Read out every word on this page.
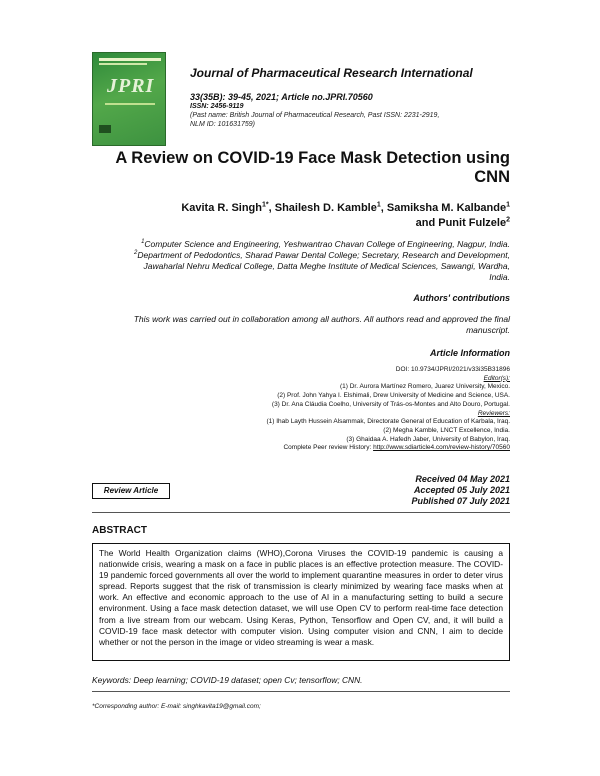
JPRI
Journal of Pharmaceutical Research International
33(35B): 39-45, 2021; Article no.JPRI.70560
ISSN: 2456-9119
(Past name: British Journal of Pharmaceutical Research, Past ISSN: 2231-2919,
NLM ID: 101631759)
A Review on COVID-19 Face Mask Detection using
CNN
Kavita R. Singh$^{1*}$, Shailesh D. Kamble$^1$, Samiksha M. Kalbande$^1$
and Punit Fulzele$^2$
$^1$Computer Science and Engineering, Yeshwantrao Chavan College of Engineering, Nagpur, India.
$^2$Department of Pedodontics, Sharad Pawar Dental College; Secretary, Research and Development,
Jawaharlal Nehru Medical College, Datta Meghe Institute of Medical Sciences, Sawangi, Wardha,
India.
Authors' contributions
This work was carried out in collaboration among all authors. All authors read and approved the final
manuscript.
Article Information
DOI: 10.9734/JPRI/2021/v33i35B31896
Editor(s):
(1) Dr. Aurora Martínez Romero, Juarez University, Mexico.
(2) Prof. John Yahya I. Elshimali, Drew University of Medicine and Science, USA.
(3) Dr. Ana Cláudia Coelho, University of Trás-os-Montes and Alto Douro, Portugal.
Reviewers:
(1) Ihab Layth Hussein Alsammak, Directorate General of Education of Karbala, Iraq.
(2) Megha Kamble, LNCT Excellence, India.
(3) Ghaidaa A. Hafedh Jaber, University of Babylon, Iraq.
Complete Peer review History: http://www.sdiarticle4.com/review-history/70560
Review Article
Received 04 May 2021
Accepted 05 July 2021
Published 07 July 2021
ABSTRACT
The World Health Organization claims (WHO),Corona Viruses the COVID-19 pandemic is causing a nationwide crisis, wearing a mask on a face in public places is an effective protection measure. The COVID-19 pandemic forced governments all over the world to implement quarantine measures in order to deter virus spread. Reports suggest that the risk of transmission is clearly minimized by wearing face masks when at work. An effective and economic approach to the use of AI in a manufacturing setting to build a secure environment. Using a face mask detection dataset, we will use Open CV to perform real-time face detection from a live stream from our webcam. Using Keras, Python, Tensorflow and Open CV, and, it will build a COVID-19 face mask detector with computer vision. Using computer vision and CNN, I aim to decide whether or not the person in the image or video streaming is wear a mask.
Keywords: Deep learning; COVID-19 dataset; open Cv; tensorflow; CNN.
*Corresponding author: E-mail: singhkavita19@gmail.com;
